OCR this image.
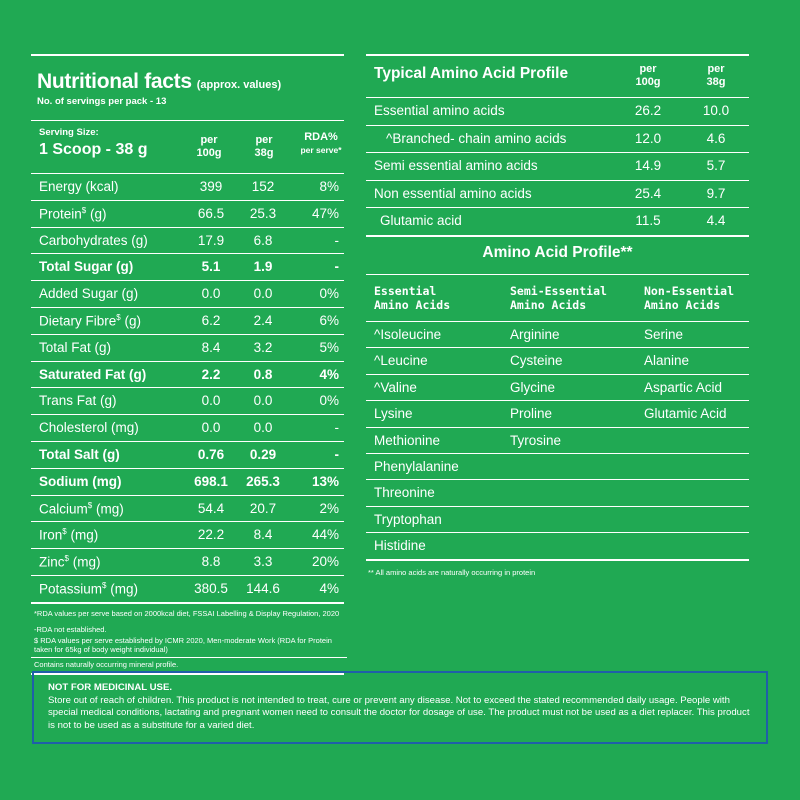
Nutritional facts (approx. values)
No. of servings per pack - 13
Serving Size:
1 Scoop - 38 g
per
100g
per
38g
RDA%
per serve*
Energy (kcal)	399	152	8%
Protein$ (g)	66.5	25.3	47%
Carbohydrates (g)	17.9	6.8	-
Total Sugar (g)	5.1	1.9	-
Added Sugar (g)	0.0	0.0	0%
Dietary Fibre$ (g)	6.2	2.4	6%
Total Fat (g)	8.4	3.2	5%
Saturated Fat (g)	2.2	0.8	4%
Trans Fat (g)	0.0	0.0	0%
Cholesterol (mg)	0.0	0.0	-
Total Salt (g)	0.76	0.29	-
Sodium (mg)	698.1 265.3	13%
Calcium$ (mg)	54.4	20.7	2%
Iron$ (mg)	22.2	8.4	44%
Zinc$ (mg)	8.8	3.3	20%
Potassium$ (mg)	380.5 144.6	4%

*RDA values per serve based on 2000kcal diet, FSSAI Labelling & Display Regulation, 2020

-RDA not established.

$ RDA values per serve established by ICMR 2020, Men-moderate Work (RDA for Protein taken for 65kg of body weight individual)

Contains naturally occurring mineral profile.

Typical Amino Acid Profile	per
100g
per
38g
Essential amino acids	26.2	10.0
^Branched- chain amino acids	12.0	4.6
Semi essential amino acids	14.9	5.7
Non essential amino acids	25.4	9.7
Glutamic acid	11.5	4.4
Amino Acid Profile**
Essential
Amino Acids
Semi-Essential
Amino Acids
Non-Essential
Amino Acids
^Isoleucine	Arginine	Serine
^Leucine	Cysteine	Alanine
^Valine	Glycine	Aspartic Acid
Lysine	Proline	Glutamic Acid
Methionine	Tyrosine
Phenylalanine
Threonine
Tryptophan
Histidine
** All amino acids are naturally occurring in protein
NOT FOR MEDICINAL USE.
Store out of reach of children. This product is not intended to treat, cure or prevent any disease. Not to exceed the stated recommended daily usage. People with special medical conditions, lactating and pregnant women need to consult the doctor for dosage of use. The product must not be used as a diet replacer. This product is not to be used as a substitute for a varied diet.
